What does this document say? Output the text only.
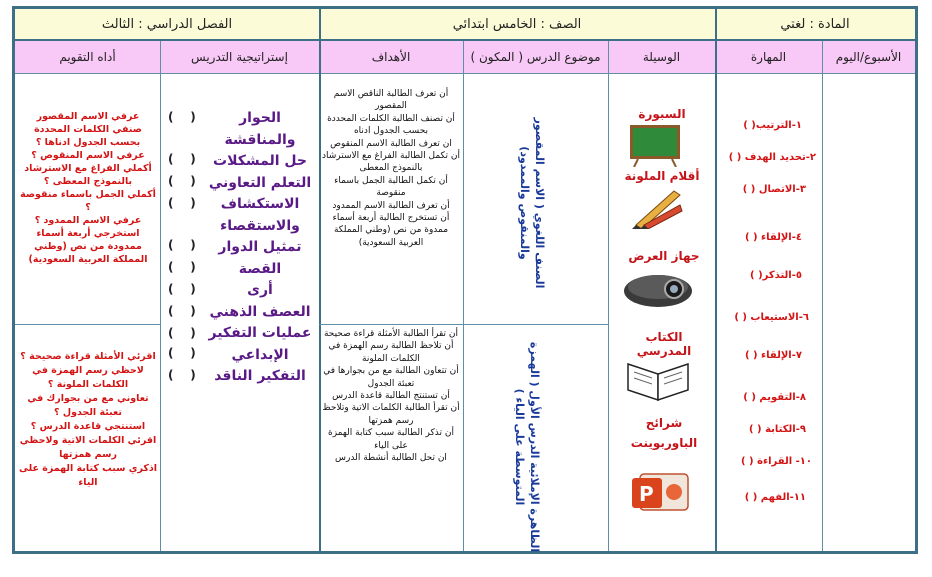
المادة : لغتي
الصف : الخامس ابتدائي
الفصل الدراسي : الثالث
الأسبوع/اليوم
المهارة
الوسيلة
( المكون ) موضوع الدرس
الأهداف
إستراتيجية التدريس
أداه التقويم
١-الترتيب( )
٢-تحديد الهدف ( )
٣-الاتصال ( )
٤-الإلقاء ( )
٥-التذكر( )
٦-الاستيعاب ( )
٧-الإلقاء ( )
٨-التقويم ( )
٩-الكتابة ( )
١٠- القراءة ( )
١١-الفهم ( )
السبورة
أقلام الملونة
جهاز العرض
الكتاب المدرسي
شرائح
الباوربوينت
P
الصنف اللغوي ( الاسم المقصور والمنقوص والممدود)
الظاهرة الإملائية الدرس الأول ( الهمزة المتوسطة على الياء )
أن تعرف الطالبة الناقص الاسم المقصور
أن تصنف الطالبة الكلمات المحددة بحسب الجدول ادناه
ان تعرف الطالبة الاسم المنقوص
أن تكمل الطالبة الفراغ مع الاسترشاد بالنموذج المعطى
أن تكمل الطالبة الجمل باسماء منقوصة
أن تعرف الطالبة الاسم الممدود
أن تستخرج الطالبة أربعة أسماء ممدوة من نص (وطني المملكة العربية السعودية)
أن تقرأ الطالبة الأمثلة قراءة صحيحة
أن تلاحظ الطالبة رسم الهمزة في الكلمات الملونة
أن تتعاون الطالبة مع من بجوارها في تعبئة الجدول
أن تستنتج الطالبة قاعدة الدرس
أن تقرأ الطالبة الكلمات الاتية وتلاحظ رسم همزتها
أن تذكر الطالبة سبب كتابة الهمزة على الياء
ان تحل الطالبة أنشطة الدرس
الحوار
والمناقشة
حل المشكلات
التعلم التعاوني
الاستكشاف
والاستقصاء
تمثيل الدوار
القصة
أرى
العصف الذهني
عمليات التفكير
الإبداعي
التفكير الناقد
(    )
(    )
(    )
(    )
(    )
(    )
(    )
(    )
(    )
(    )
(    )
عرفي الاسم المقصور
صنفي الكلمات المحددة بحسب الجدول ادناها ؟
عرفي الاسم المنقوص ؟
أكملي الفراغ مع الاسترشاد بالنموذج المعطى ؟
أكملي الجمل باسماء منقوصة ؟
عرفي الاسم الممدود ؟
استخرجي أربعة أسماء ممدودة من نص (وطني المملكة العربية السعودية)
اقرئي الأمثلة قراءة صحيحة ؟
لاحظي رسم الهمزة في الكلمات الملونة ؟
تعاوني مع من بجوارك في تعبئة الجدول ؟
استنتجي قاعدة الدرس ؟
اقرئي الكلمات الاتية ولاحظي رسم همزتها
اذكري سبب كتابة الهمزة على الياء
